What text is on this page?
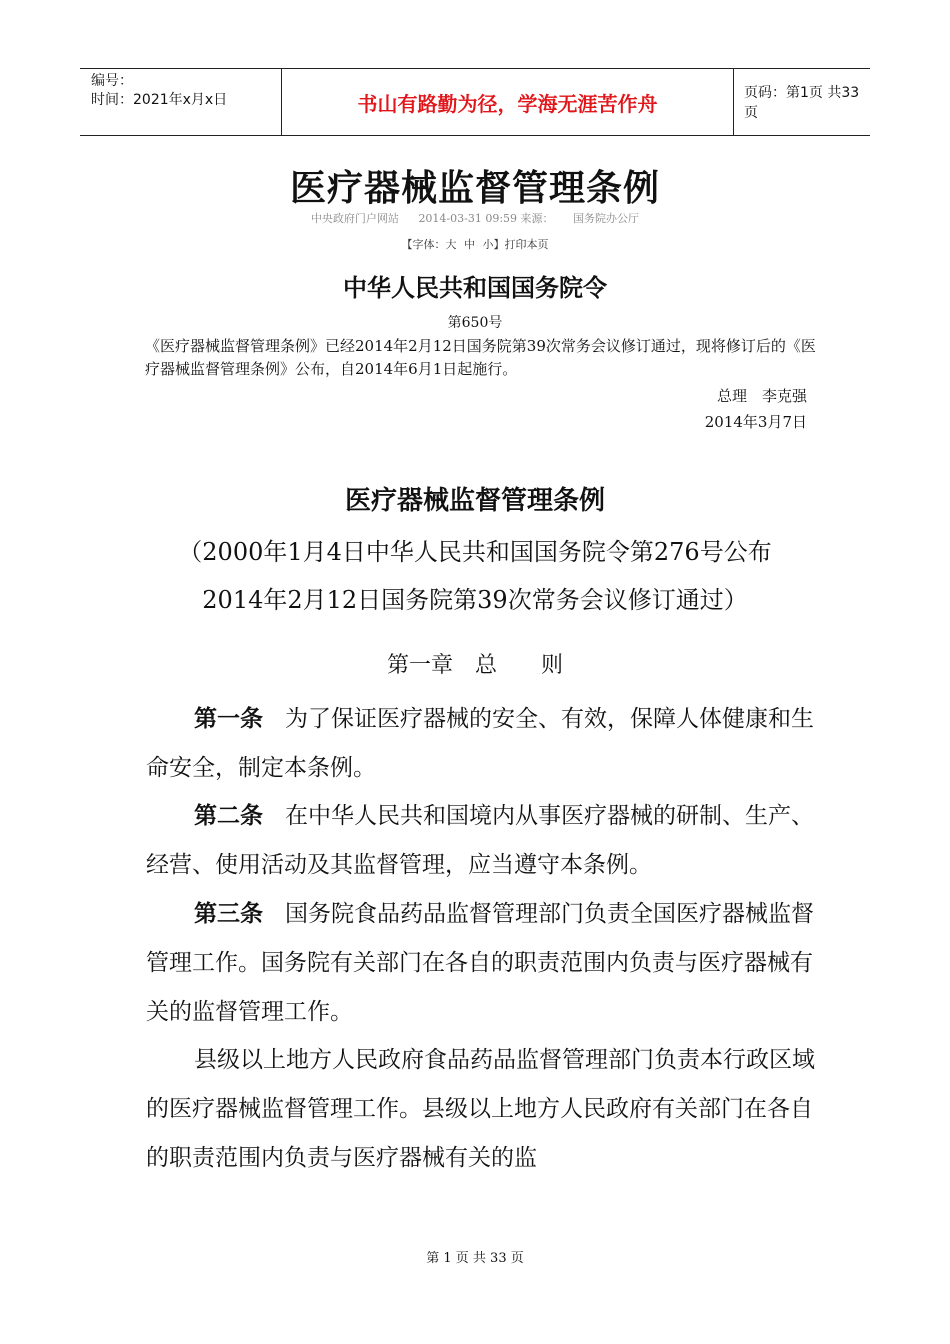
编号：
时间：2021年x月x日	书山有路勤为径，学海无涯苦作舟	页码：第1页 共33页
医疗器械监督管理条例
中央政府门户网站 2014-03-31 09:59 来源： 国务院办公厅
【字体：大 中 小】打印本页
中华人民共和国国务院令
第650号
《医疗器械监督管理条例》已经2014年2月12日国务院第39次常务会议修订通过，现将修订后的《医疗器械监督管理条例》公布，自2014年6月1日起施行。
总理　李克强
2014年3月7日
医疗器械监督管理条例
（2000年1月4日中华人民共和国国务院令第276号公布
2014年2月12日国务院第39次常务会议修订通过）
第一章　总　　则
第一条 为了保证医疗器械的安全、有效，保障人体健康和生命安全，制定本条例。
第二条 在中华人民共和国境内从事医疗器械的研制、生产、经营、使用活动及其监督管理，应当遵守本条例。
第三条 国务院食品药品监督管理部门负责全国医疗器械监督管理工作。国务院有关部门在各自的职责范围内负责与医疗器械有关的监督管理工作。
县级以上地方人民政府食品药品监督管理部门负责本行政区域的医疗器械监督管理工作。县级以上地方人民政府有关部门在各自的职责范围内负责与医疗器械有关的监
第 1 页 共 33 页
